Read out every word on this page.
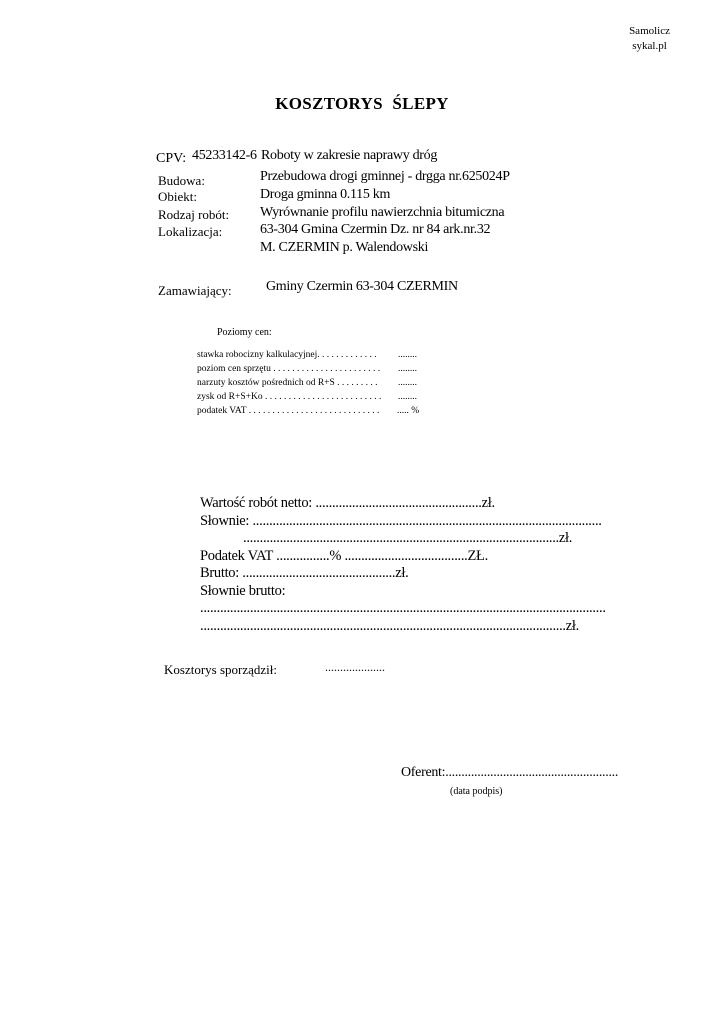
Samolicz
sykal.pl
KOSZTORYS ŚLEPY
CPV: 45233142-6 Roboty w zakresie naprawy dróg
Budowa:
Obiekt:
Rodzaj robót:
Lokalizacja:
Przebudowa drogi gminnej - drgga nr.625024P
Droga gminna 0.115 km
Wyrównanie profilu nawierzchnia bitumiczna
63-304 Gmina Czermin Dz. nr 84 ark.nr.32
M. CZERMIN p. Walendowski
Zamawiający: Gminy Czermin 63-304 CZERMIN
Poziomy cen:
stawka robocizny kalkulacyjnej. . . . . . . . . . . . .
poziom cen sprzętu . . . . . . . . . . . . . . . . . . . . . . .
narzuty kosztów pośrednich od R+S . . . . . . . . .
zysk od R+S+Ko . . . . . . . . . . . . . . . . . . . . . . . . .
podatek VAT . . . . . . . . . . . . . . . . . . . . . . . . . . . .
........
........
........
........
..... %
Wartość robót netto: ..................................................zł.
Słownie: .........................................................................................................
...............................................................................................zł.
Podatek VAT ................% .....................................ZŁ.
Brutto: ..............................................zł.
Słownie brutto:
..........................................................................................................................
..............................................................................................................zł.
Kosztorys sporządził:	....................
Oferent:......................................................
(data podpis)
